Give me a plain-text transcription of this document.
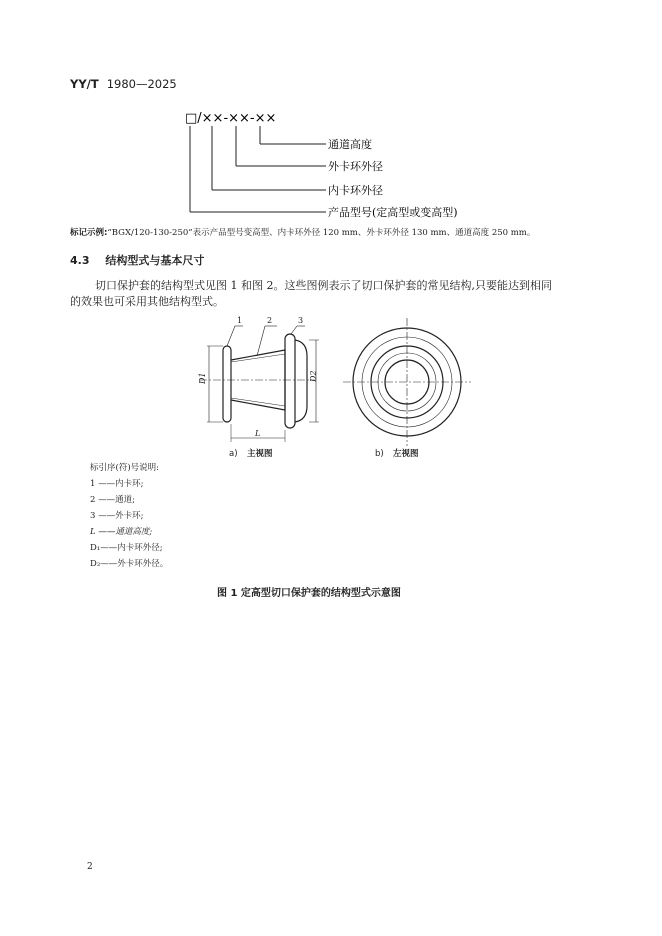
YY/T 1980—2025
□/××-××-××
通道高度
外卡环外径
内卡环外径
产品型号(定高型或变高型)
标记示例:“BGX/120-130-250”表示产品型号变高型、内卡环外径 120 mm、外卡环外径 130 mm、通道高度 250 mm。
4.3 结构型式与基本尺寸
切口保护套的结构型式见图 1 和图 2。这些图例表示了切口保护套的常见结构,只要能达到相同
的效果也可采用其他结构型式。
1	2	3
D1	D2
L
a) 主视图	b) 左视图
标引序(符)号说明:
1 ——内卡环;
2 ——通道;
3 ——外卡环;
L ——通道高度;
D₁——内卡环外径;
D₂——外卡环外径。
图 1 定高型切口保护套的结构型式示意图
2
